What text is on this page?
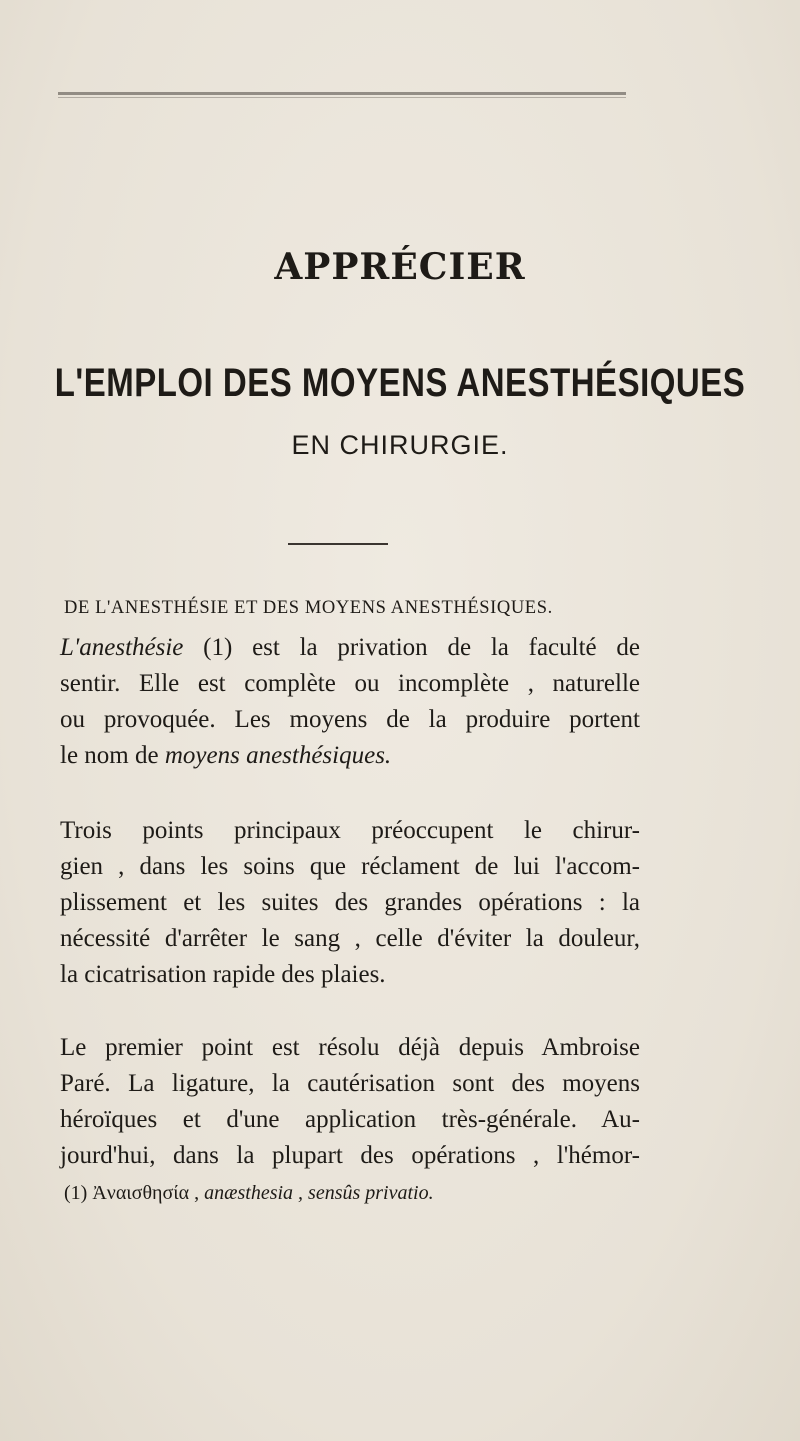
APPRÉCIER
L'EMPLOI DES MOYENS ANESTHÉSIQUES
EN CHIRURGIE.
DE L'ANESTHÉSIE ET DES MOYENS ANESTHÉSIQUES.
L'anesthésie (1) est la privation de la faculté de
sentir. Elle est complète ou incomplète , naturelle
ou provoquée. Les moyens de la produire portent
le nom de moyens anesthésiques.
Trois points principaux préoccupent le chirur-
gien , dans les soins que réclament de lui l'accom-
plissement et les suites des grandes opérations : la
nécessité d'arrêter le sang , celle d'éviter la douleur,
la cicatrisation rapide des plaies.
Le premier point est résolu déjà depuis Ambroise
Paré. La ligature, la cautérisation sont des moyens
héroïques et d'une application très-générale. Au-
jourd'hui, dans la plupart des opérations , l'hémor-
(1) Ἀναισθησία , anæsthesia , sensûs privatio.
